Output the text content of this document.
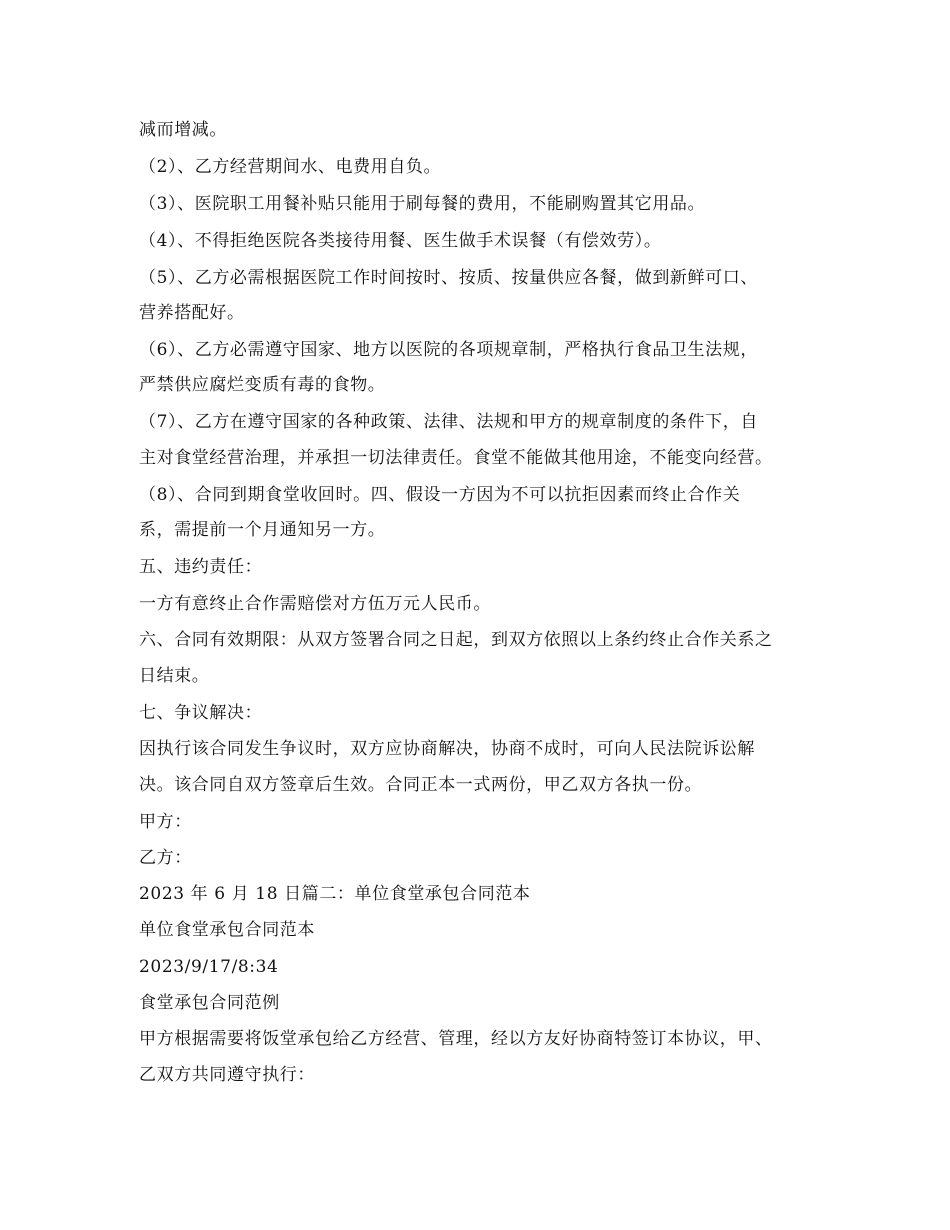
减而增减。
（2）、乙方经营期间水、电费用自负。
（3）、医院职工用餐补贴只能用于刷每餐的费用，不能刷购置其它用品。
（4）、不得拒绝医院各类接待用餐、医生做手术误餐（有偿效劳）。
（5）、乙方必需根据医院工作时间按时、按质、按量供应各餐，做到新鲜可口、
营养搭配好。
（6）、乙方必需遵守国家、地方以医院的各项规章制，严格执行食品卫生法规，
严禁供应腐烂变质有毒的食物。
（7）、乙方在遵守国家的各种政策、法律、法规和甲方的规章制度的条件下，自
主对食堂经营治理，并承担一切法律责任。食堂不能做其他用途，不能变向经营。
（8）、合同到期食堂收回时。四、假设一方因为不可以抗拒因素而终止合作关
系，需提前一个月通知另一方。
五、违约责任：
一方有意终止合作需赔偿对方伍万元人民币。
六、合同有效期限：从双方签署合同之日起，到双方依照以上条约终止合作关系之
日结束。
七、争议解决：
因执行该合同发生争议时，双方应协商解决，协商不成时，可向人民法院诉讼解
决。该合同自双方签章后生效。合同正本一式两份，甲乙双方各执一份。
甲方：
乙方：
2023 年 6 月 18 日篇二：单位食堂承包合同范本
单位食堂承包合同范本
2023/9/17/8:34
食堂承包合同范例
甲方根据需要将饭堂承包给乙方经营、管理，经以方友好协商特签订本协议，甲、
乙双方共同遵守执行：
